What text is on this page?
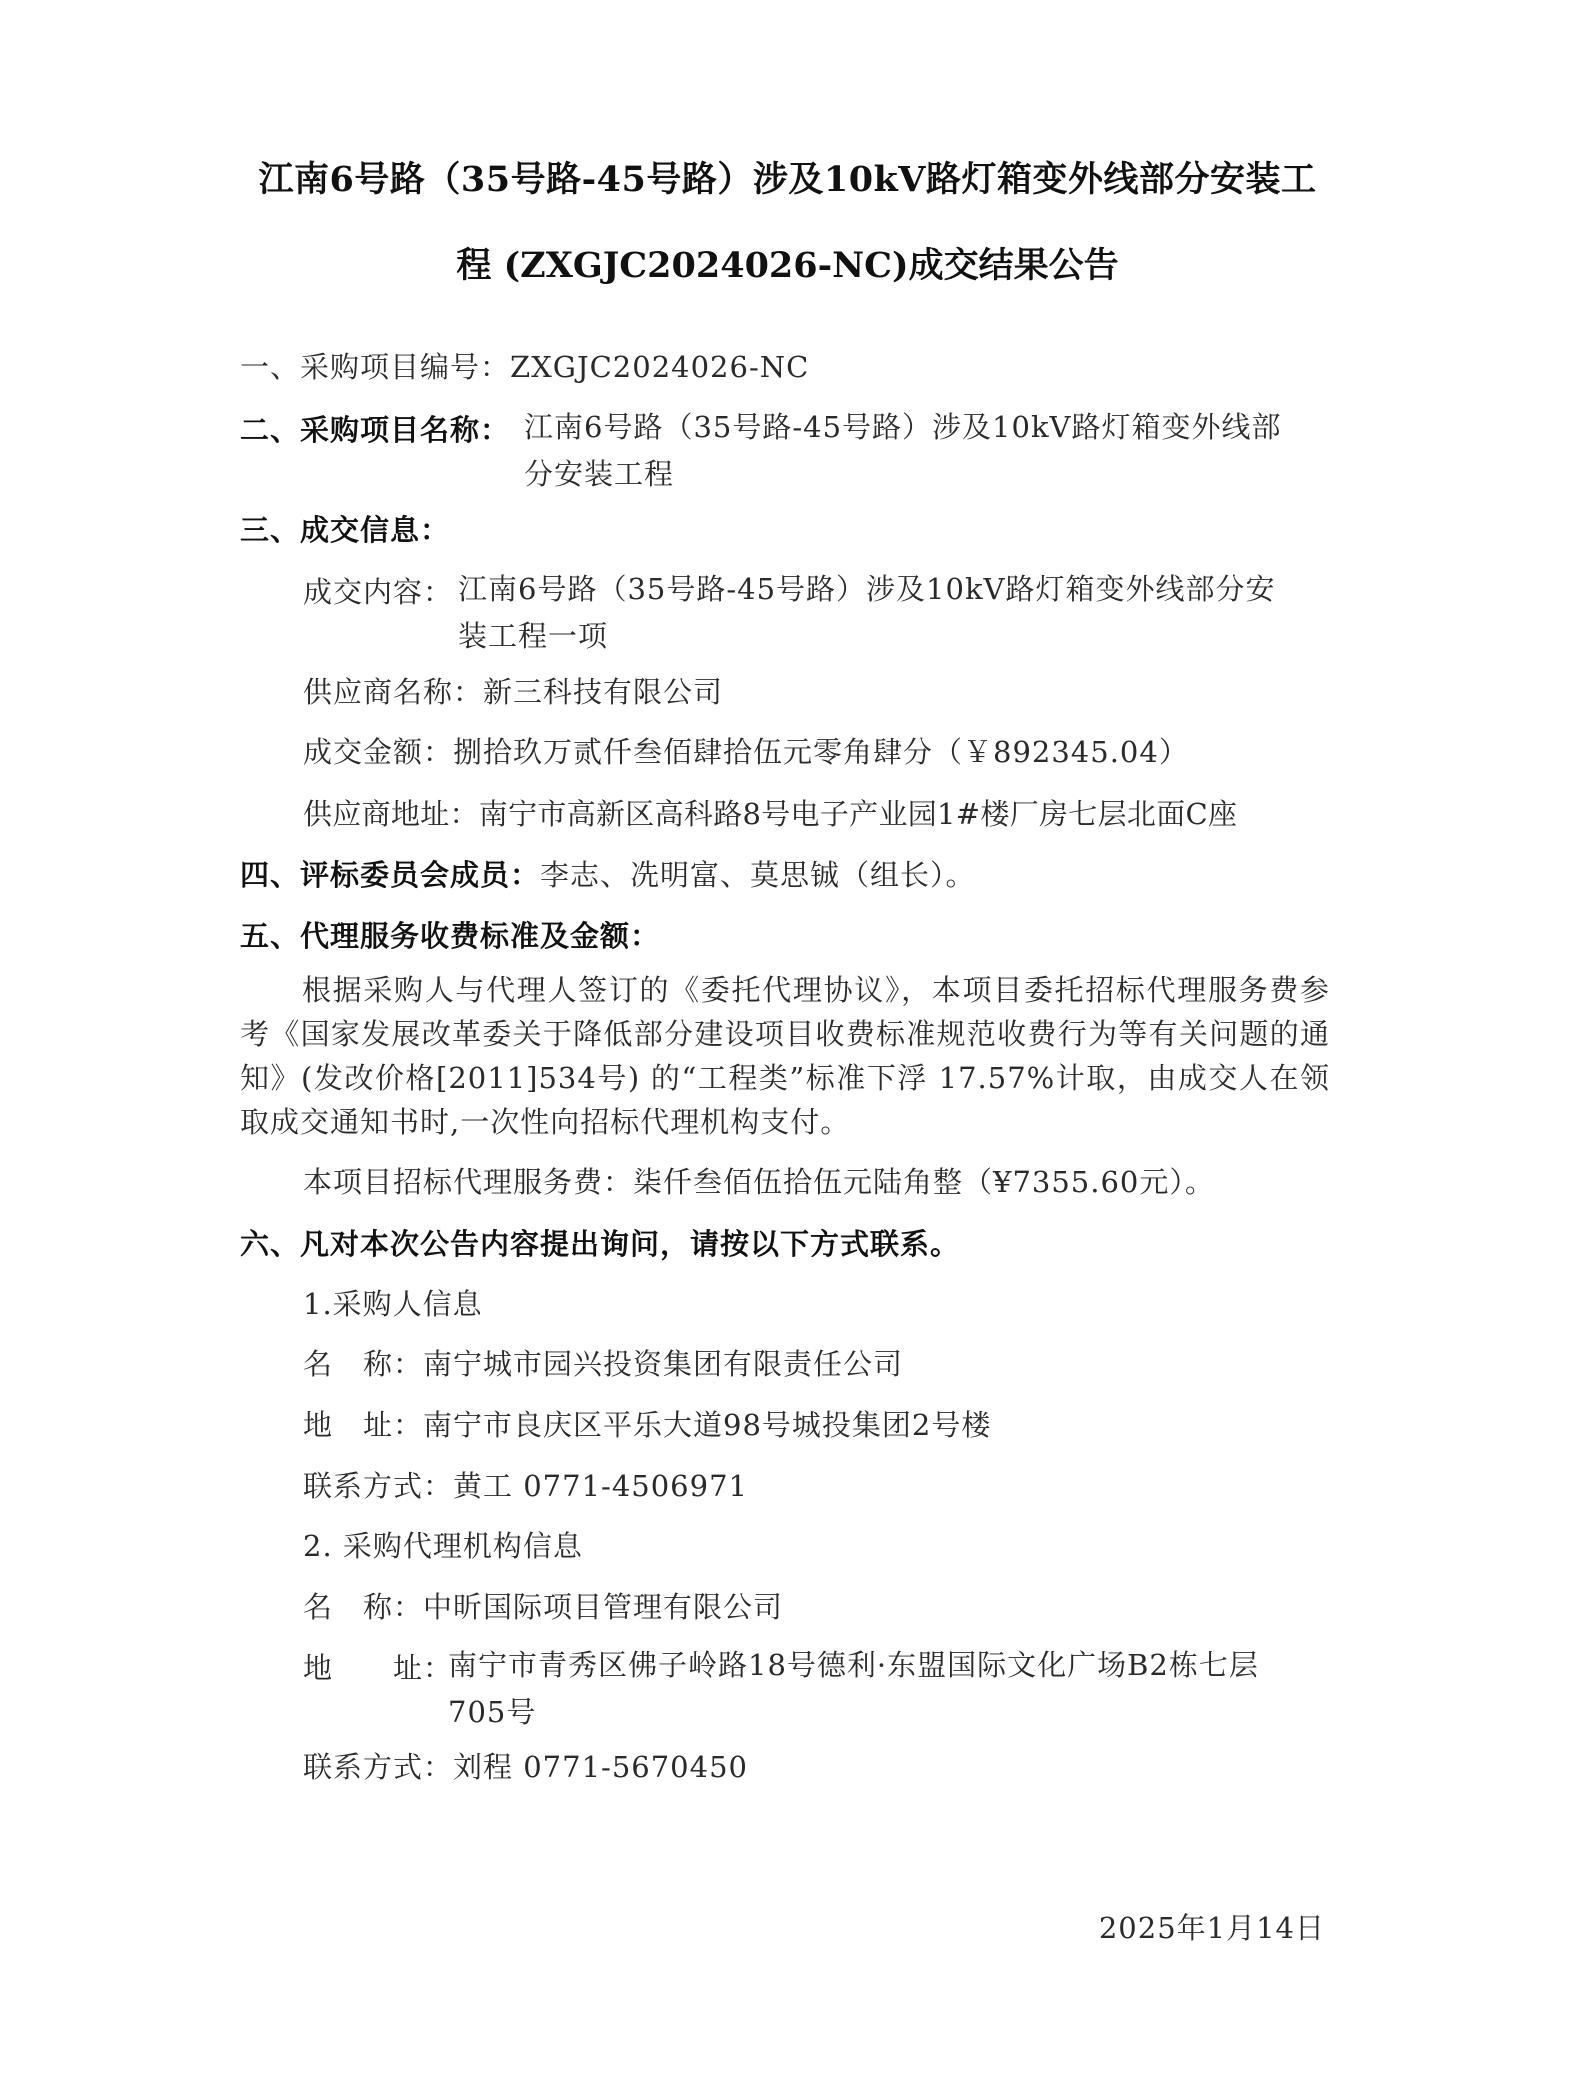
江南6号路（35号路-45号路）涉及10kV路灯箱变外线部分安装工
程 (ZXGJC2024026-NC)成交结果公告
一、采购项目编号：ZXGJC2024026-NC
二、采购项目名称： 江南6号路（35号路-45号路）涉及10kV路灯箱变外线部
分安装工程
三、成交信息：
成交内容： 江南6号路（35号路-45号路）涉及10kV路灯箱变外线部分安
装工程一项
供应商名称：新三科技有限公司
成交金额：捌拾玖万贰仟叁佰肆拾伍元零角肆分（￥892345.04）
供应商地址：南宁市高新区高科路8号电子产业园1#楼厂房七层北面C座
四、评标委员会成员：李志、冼明富、莫思铖（组长）。
五、代理服务收费标准及金额：
根据采购人与代理人签订的《委托代理协议》，本项目委托招标代理服务费参考《国家发展改革委关于降低部分建设项目收费标准规范收费行为等有关问题的通知》(发改价格[2011]534号) 的“工程类”标准下浮 17.57%计取，由成交人在领取成交通知书时,一次性向招标代理机构支付。
本项目招标代理服务费：柒仟叁佰伍拾伍元陆角整（¥7355.60元）。
六、凡对本次公告内容提出询问，请按以下方式联系。
1.采购人信息
名　称：南宁城市园兴投资集团有限责任公司
地　址：南宁市良庆区平乐大道98号城投集团2号楼
联系方式：黄工 0771-4506971
2. 采购代理机构信息
名　称：中昕国际项目管理有限公司
地　　址：
南宁市青秀区佛子岭路18号德利·东盟国际文化广场B2栋七层
705号
联系方式：刘程 0771-5670450
2025年1月14日
